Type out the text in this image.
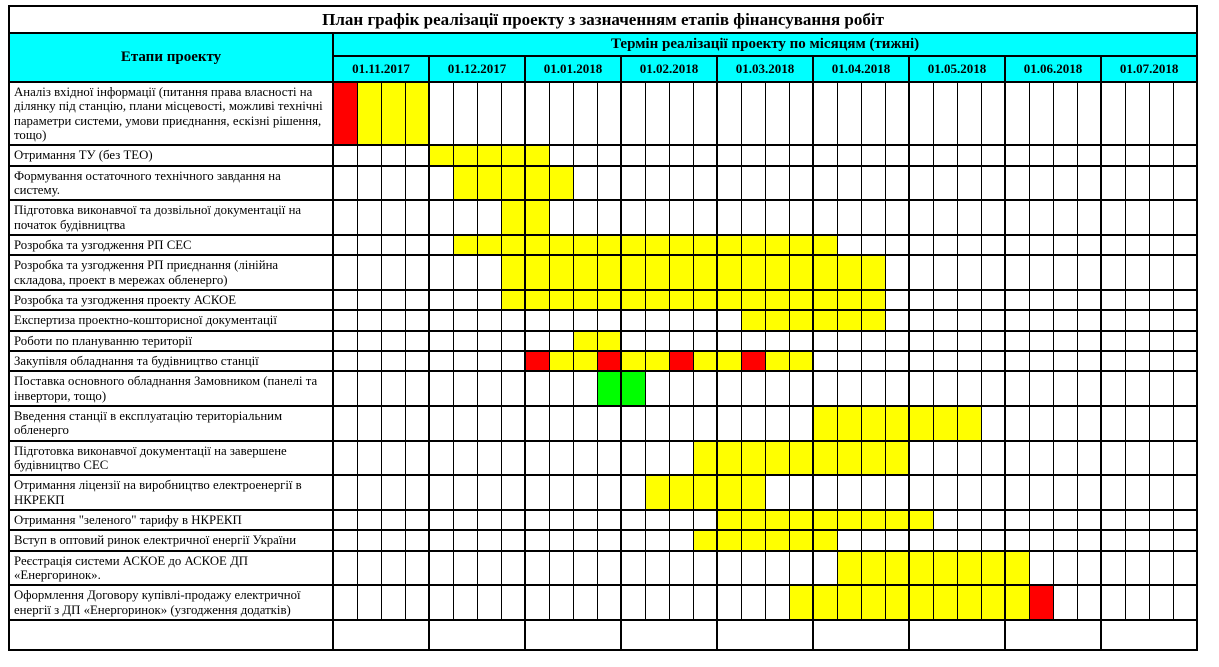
План графік реалізації проекту з зазначенням етапів фінансування робіт																																				
Етапи проекту	Термін реалізації проекту по місяцям (тижні)																																			
	01.11.2017				01.12.2017				01.01.2018				01.02.2018				01.03.2018				01.04.2018				01.05.2018				01.06.2018				01.07.2018			
Аналіз вхідної інформації (питання права власності на ділянку під станцію, плани місцевості, можливі технічні параметри системи, умови приєднання, ескізні рішення, тощо)																																				
Отримання ТУ (без ТЕО)																																				
Формування остаточного технічного завдання на систему.																																				
Підготовка виконавчої та дозвільної документації на початок будівництва																																				
Розробка та узгодження РП СЕС																																				
Розробка та узгодження РП приєднання (лінійна складова, проект в мережах обленерго)																																				
Розробка та узгодження проекту АСКОЕ																																				
Експертиза проектно-кошторисної документації																																				
Роботи по плануванню території																																				
Закупівля обладнання та будівництво станції																																				
Поставка основного обладнання Замовником (панелі та інвертори, тощо)																																				
Введення станції в експлуатацію територіальним обленерго																																				
Підготовка виконавчої документації на завершене будівництво СЕС																																				
Отримання ліцензії на виробництво електроенергії в НКРЕКП																																				
Отримання "зеленого" тарифу в НКРЕКП																																				
Вступ в оптовий ринок електричної енергії України																																				
Реєстрація системи АСКОЕ до АСКОЕ ДП «Енергоринок».																																				
Оформлення Договору купівлі-продажу електричної енергії з ДП «Енергоринок» (узгодження додатків)																																				
